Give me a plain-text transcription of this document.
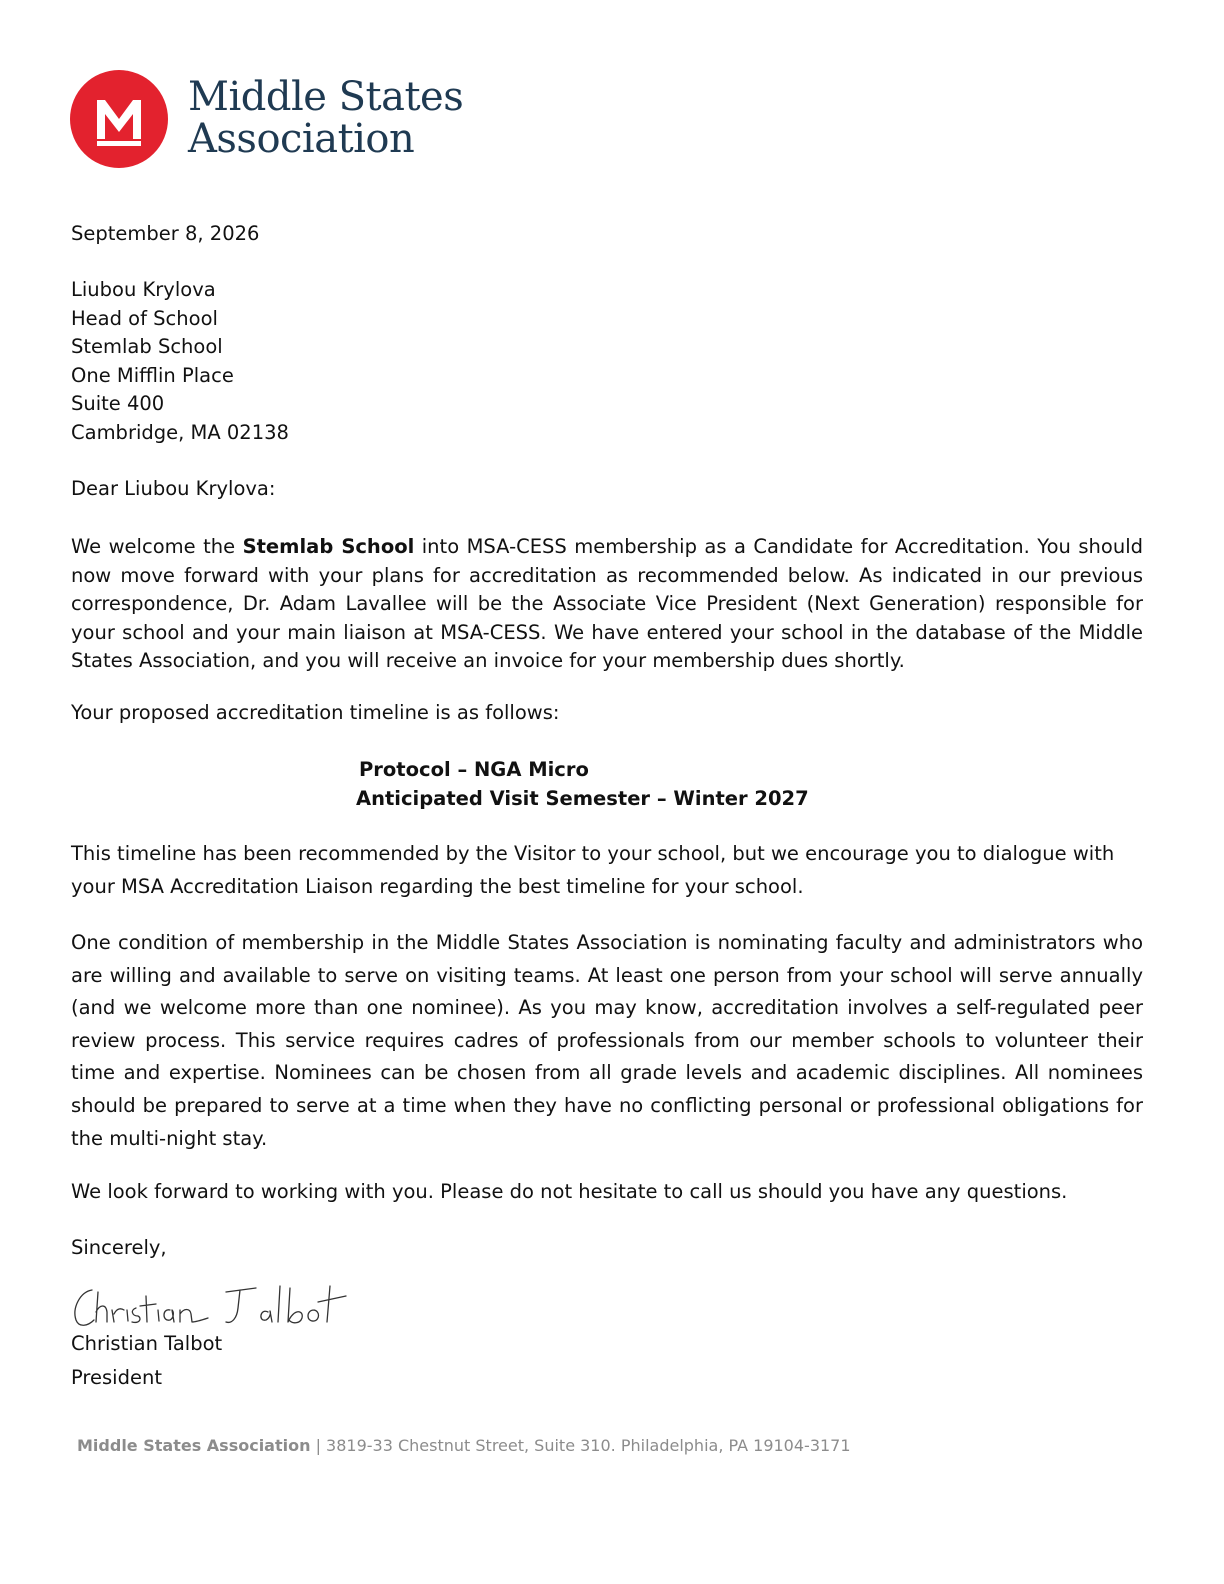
Middle States
Association
September 8, 2026
Liubou Krylova
Head of School
Stemlab School
One Mifflin Place
Suite 400
Cambridge, MA 02138
Dear Liubou Krylova:
We welcome the Stemlab School into MSA-CESS membership as a Candidate for Accreditation. You should now move forward with your plans for accreditation as recommended below. As indicated in our previous correspondence, Dr. Adam Lavallee will be the Associate Vice President (Next Generation) responsible for your school and your main liaison at MSA-CESS. We have entered your school in the database of the Middle States Association, and you will receive an invoice for your membership dues shortly.
Your proposed accreditation timeline is as follows:
Protocol – NGA Micro
Anticipated Visit Semester – Winter 2027
This timeline has been recommended by the Visitor to your school, but we encourage you to dialogue with your MSA Accreditation Liaison regarding the best timeline for your school.
One condition of membership in the Middle States Association is nominating faculty and administrators who are willing and available to serve on visiting teams. At least one person from your school will serve annually (and we welcome more than one nominee). As you may know, accreditation involves a self-regulated peer review process. This service requires cadres of professionals from our member schools to volunteer their time and expertise. Nominees can be chosen from all grade levels and academic disciplines. All nominees should be prepared to serve at a time when they have no conflicting personal or professional obligations for the multi-night stay.
We look forward to working with you. Please do not hesitate to call us should you have any questions.
Sincerely,
Christian Talbot
President
Middle States Association | 3819-33 Chestnut Street, Suite 310. Philadelphia, PA 19104-3171
